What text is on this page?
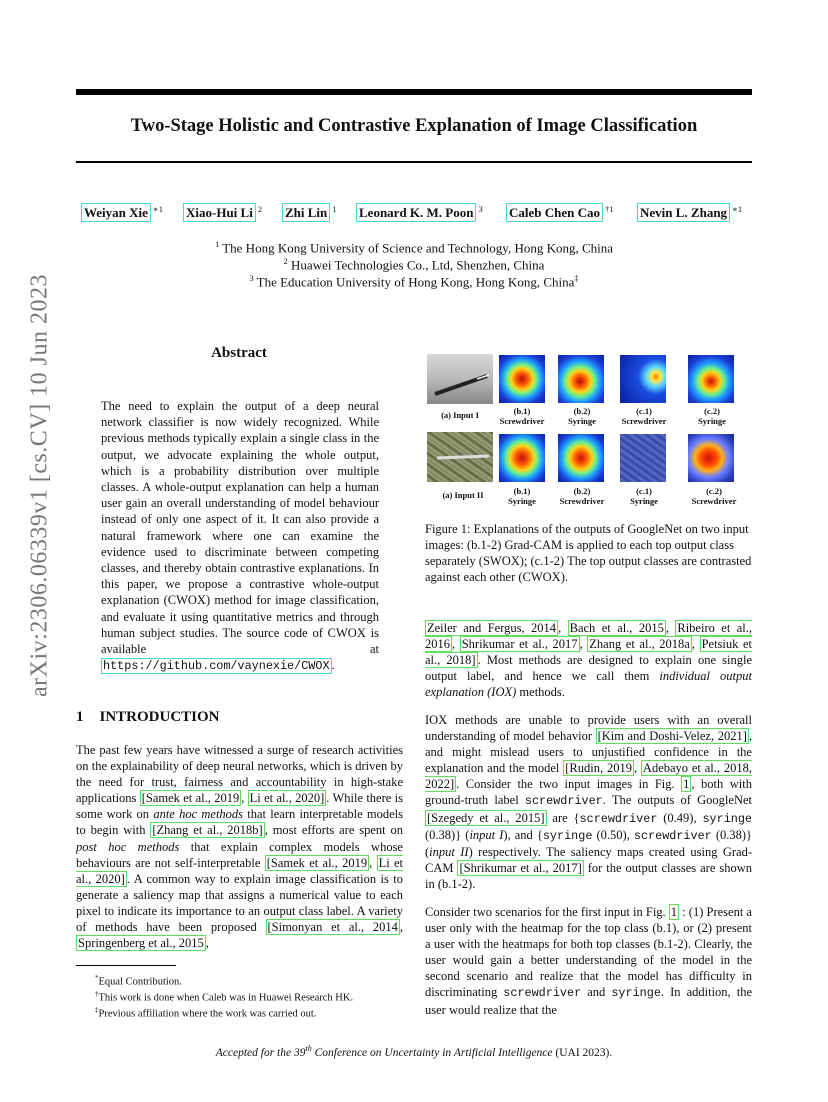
Two-Stage Holistic and Contrastive Explanation of Image Classification
arXiv:2306.06339v1 [cs.CV] 10 Jun 2023
Weiyan Xie $^{∗1}$ Xiao-Hui Li $^2$ Zhi Lin $^1$ Leonard K. M. Poon $^3$ Caleb Chen Cao $^{\dagger 1}$ Nevin L. Zhang $^{∗1}$
$^1$ The Hong Kong University of Science and Technology, Hong Kong, China
$^2$ Huawei Technologies Co., Ltd, Shenzhen, China
$^3$ The Education University of Hong Kong, Hong Kong, China‡
Abstract
The need to explain the output of a deep neural network classifier is now widely recognized. While previous methods typically explain a single class in the output, we advocate explaining the whole output, which is a probability distribution over multiple classes. A whole-output explanation can help a human user gain an overall understanding of model behaviour instead of only one aspect of it. It can also provide a natural framework where one can examine the evidence used to discriminate between competing classes, and thereby obtain contrastive explanations. In this paper, we propose a contrastive whole-output explanation (CWOX) method for image classification, and evaluate it using quantitative metrics and through human subject studies. The source code of CWOX is available at https://github.com/vaynexie/CWOX .
1 INTRODUCTION
The past few years have witnessed a surge of research activities on the explainability of deep neural networks, which is driven by the need for trust, fairness and accountability in high-stake applications [Samek et al., 2019 , Li et al., 2020] . While there is some work on ante hoc methods that learn interpretable models to begin with [Zhang et al., 2018b] , most efforts are spent on post hoc methods that explain complex models whose behaviours are not self-interpretable [Samek et al., 2019 , Li et al., 2020] . A common way to explain image classification is to generate a saliency map that assigns a numerical value to each pixel to indicate its importance to an output class label. A variety of methods have been proposed [Simonyan et al., 2014 , Springenberg et al., 2015 ,
*Equal Contribution.
†This work is done when Caleb was in Huawei Research HK.
‡Previous affiliation where the work was carried out.
(a) Input I	(b.1)
Screwdriver
(b.2)
Syringe
(c.1)
Screwdriver
(c.2)
Syringe
(a) Input II	(b.1)
Syringe
(b.2)
Screwdriver
(c.1)
Syringe
(c.2)
Screwdriver
Figure 1: Explanations of the outputs of GoogleNet on two input images: (b.1-2) Grad-CAM is applied to each top output class separately (SWOX); (c.1-2) The top output classes are contrasted against each other (CWOX).
Zeiler and Fergus, 2014 , Bach et al., 2015 , Ribeiro et al., 2016 , Shrikumar et al., 2017 , Zhang et al., 2018a , Petsiuk et al., 2018] . Most methods are designed to explain one single output label, and hence we call them individual output explanation (IOX) methods.
IOX methods are unable to provide users with an overall understanding of model behavior [Kim and Doshi-Velez, 2021] , and might mislead users to unjustified confidence in the explanation and the model [Rudin, 2019 , Adebayo et al., 2018, 2022] . Consider the two input images in Fig. 1 , both with ground-truth label screwdriver. The outputs of GoogleNet [Szegedy et al., 2015] are {screwdriver (0.49), syringe (0.38)} (input I), and {syringe (0.50), screwdriver (0.38)} (input II) respectively. The saliency maps created using Grad-CAM [Shrikumar et al., 2017] for the output classes are shown in (b.1-2).
Consider two scenarios for the first input in Fig. 1 : (1) Present a user only with the heatmap for the top class (b.1), or (2) present a user with the heatmaps for both top classes (b.1-2). Clearly, the user would gain a better understanding of the model in the second scenario and realize that the model has difficulty in discriminating screwdriver and syringe. In addition, the user would realize that the
Accepted for the 39th Conference on Uncertainty in Artificial Intelligence (UAI 2023).
